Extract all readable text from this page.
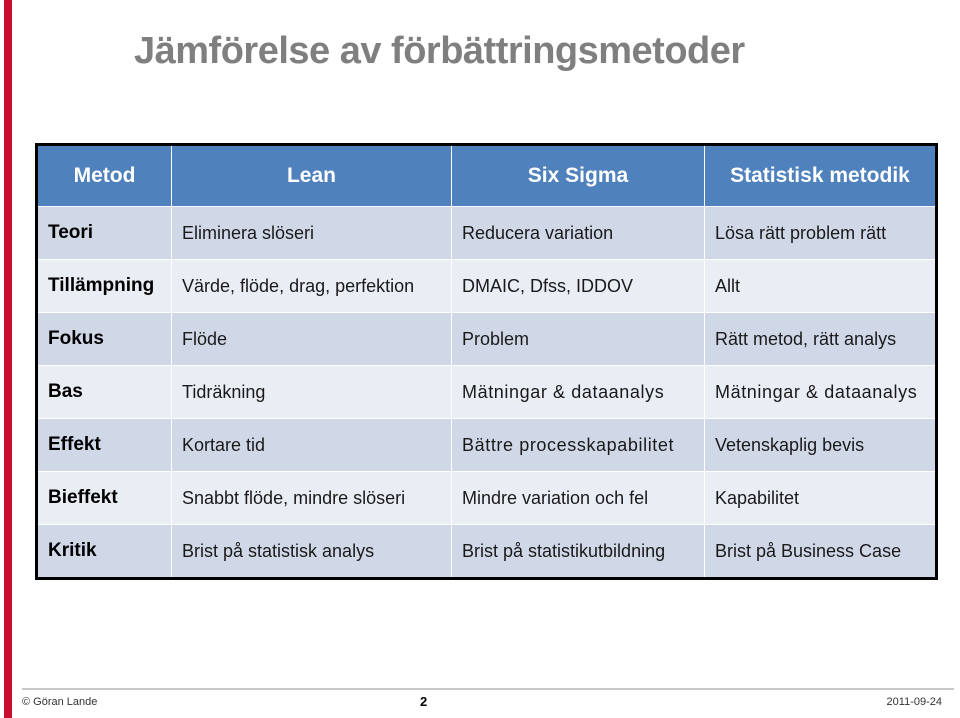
Jämförelse av förbättringsmetoder
Metod	Lean	Six Sigma	Statistisk metodik
Teori	Eliminera slöseri	Reducera variation	Lösa rätt problem rätt
Tillämpning	Värde, flöde, drag, perfektion	DMAIC, Dfss, IDDOV	Allt
Fokus	Flöde	Problem	Rätt metod, rätt analys
Bas	Tidräkning	Mätningar & dataanalys	Mätningar & dataanalys
Effekt	Kortare tid	Bättre processkapabilitet	Vetenskaplig bevis
Bieffekt	Snabbt flöde, mindre slöseri	Mindre variation och fel	Kapabilitet
Kritik	Brist på statistisk analys	Brist på statistikutbildning	Brist på Business Case
© Göran Lande	2	2011-09-24
